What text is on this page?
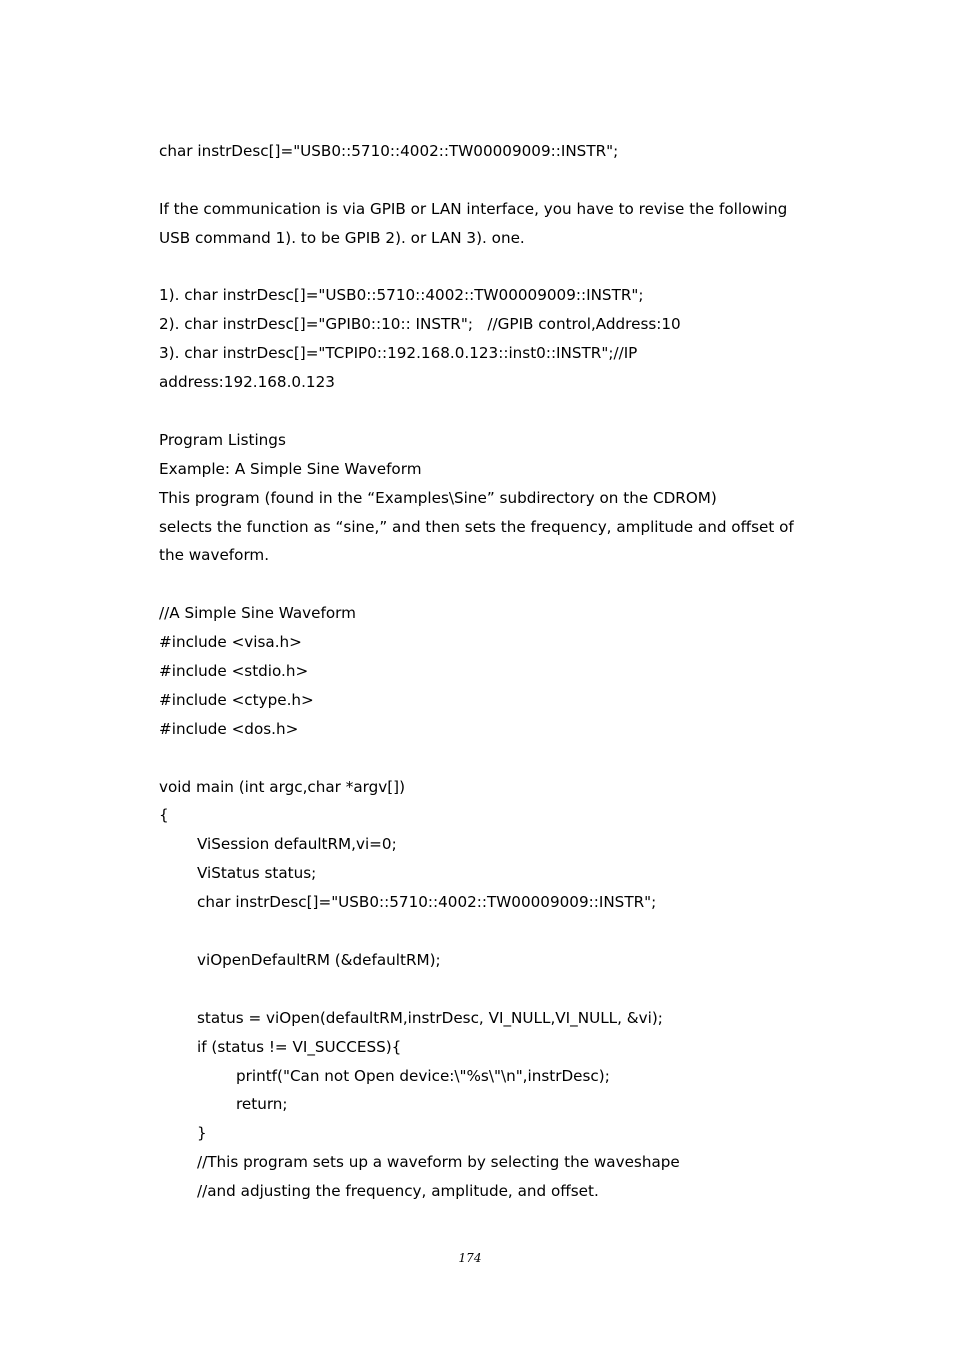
char instrDesc[]="USB0::5710::4002::TW00009009::INSTR";
If the communication is via GPIB or LAN interface, you have to revise the following
USB command 1). to be GPIB 2). or LAN 3). one.
1). char instrDesc[]="USB0::5710::4002::TW00009009::INSTR";
2). char instrDesc[]="GPIB0::10:: INSTR";   //GPIB control,Address:10
3). char instrDesc[]="TCPIP0::192.168.0.123::inst0::INSTR";//IP
address:192.168.0.123
Program Listings
Example: A Simple Sine Waveform
This program (found in the “Examples\Sine” subdirectory on the CDROM)
selects the function as “sine,” and then sets the frequency, amplitude and offset of
the waveform.
//A Simple Sine Waveform
#include <visa.h>
#include <stdio.h>
#include <ctype.h>
#include <dos.h>
void main (int argc,char *argv[])
{
ViSession defaultRM,vi=0;
ViStatus status;
char instrDesc[]="USB0::5710::4002::TW00009009::INSTR";
viOpenDefaultRM (&defaultRM);
status = viOpen(defaultRM,instrDesc, VI_NULL,VI_NULL, &vi);
if (status != VI_SUCCESS){
printf("Can not Open device:\"%s\"\n",instrDesc);
return;
}
//This program sets up a waveform by selecting the waveshape
//and adjusting the frequency, amplitude, and offset.
174
